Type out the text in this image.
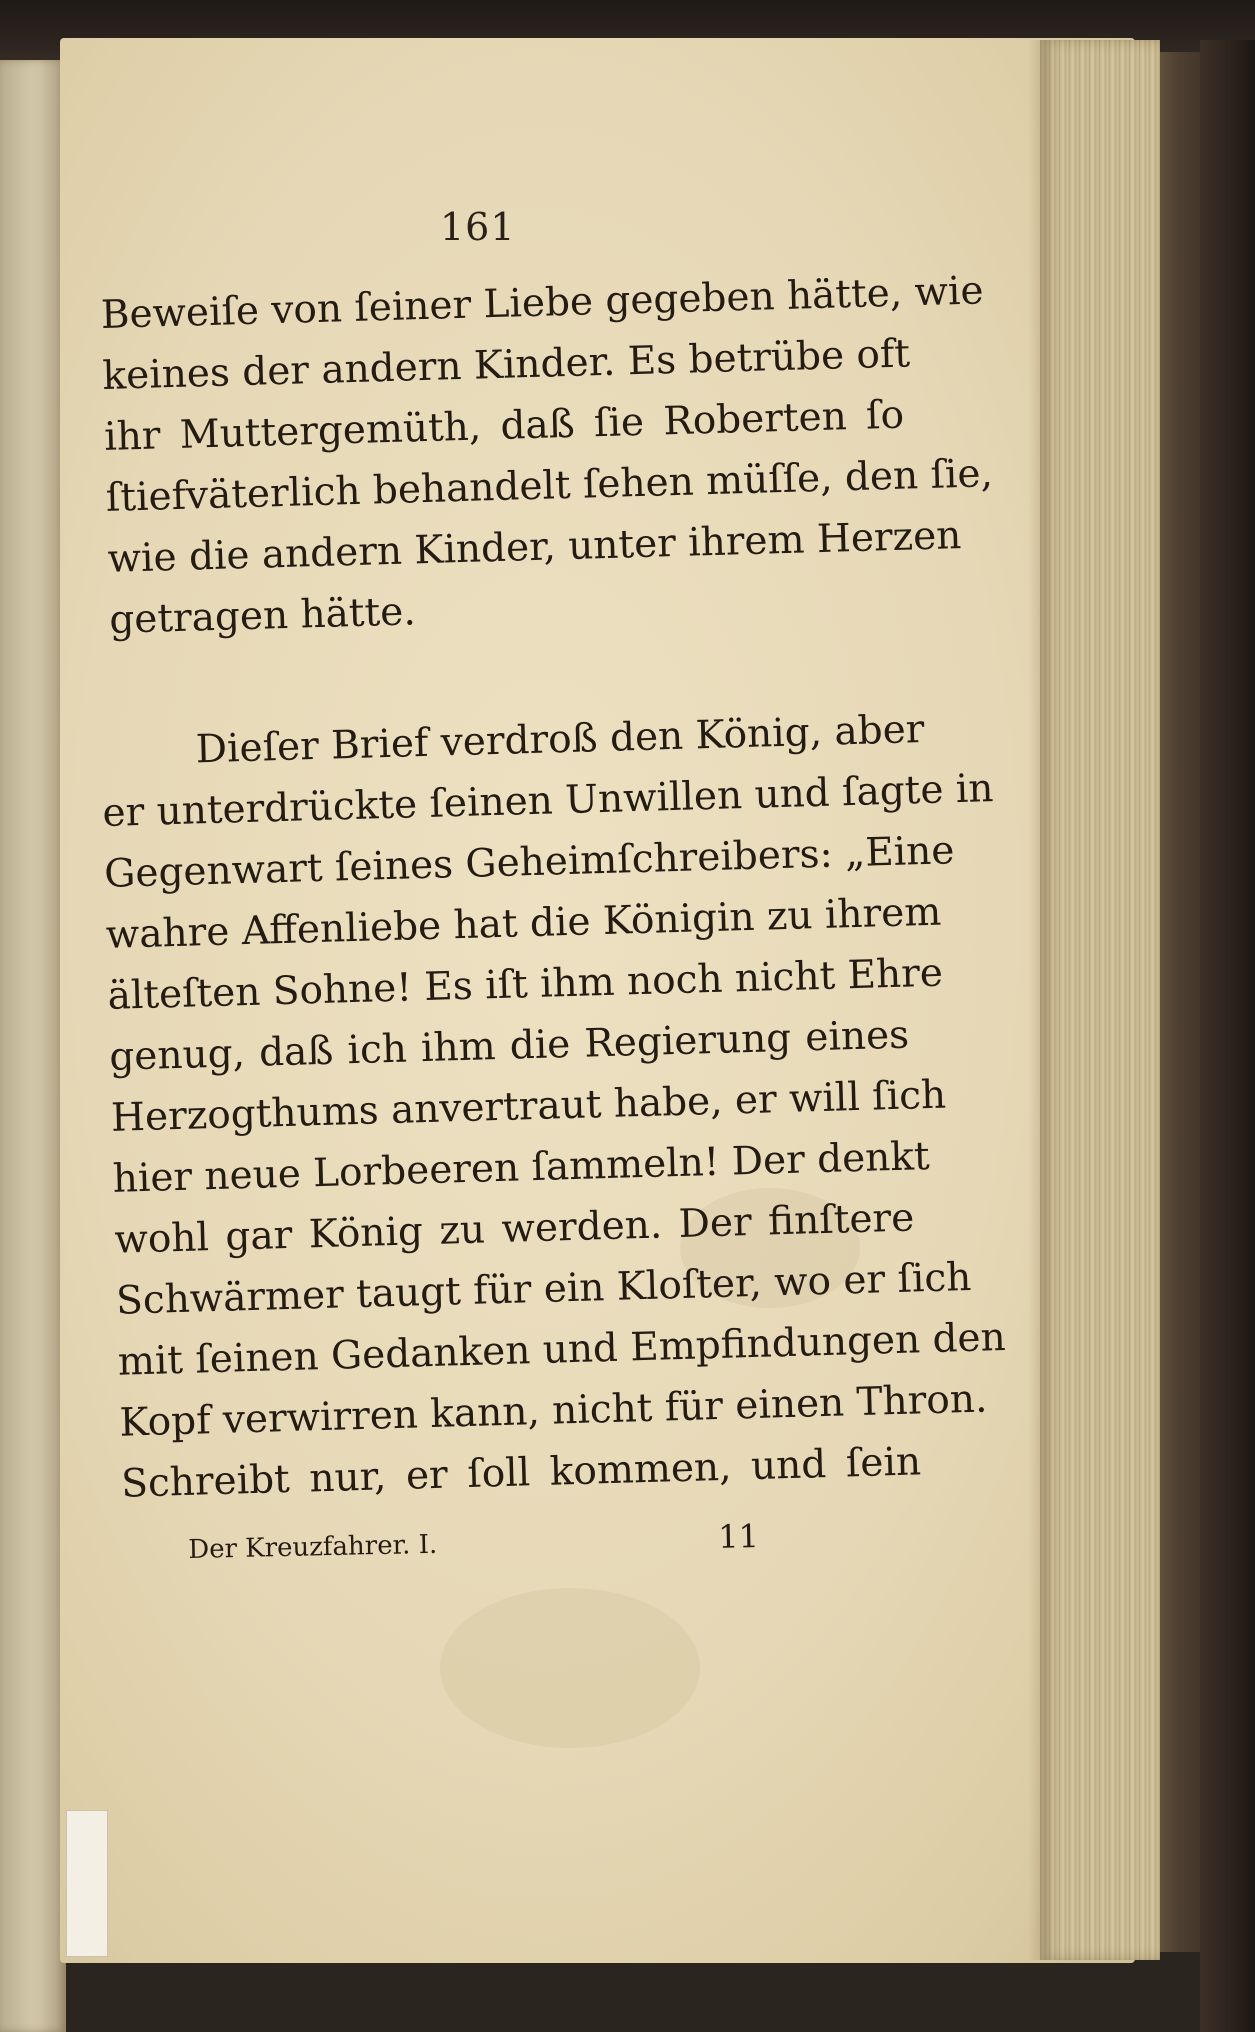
161
Beweiſe von ſeiner Liebe gegeben hätte, wie
keines der andern Kinder. Es betrübe oft
ihr Muttergemüth, daß ſie Roberten ſo
ſtiefväterlich behandelt ſehen müſſe, den ſie,
wie die andern Kinder, unter ihrem Herzen
getragen hätte.
Dieſer Brief verdroß den König, aber
er unterdrückte ſeinen Unwillen und ſagte in
Gegenwart ſeines Geheimſchreibers: „Eine
wahre Affenliebe hat die Königin zu ihrem
älteſten Sohne! Es iſt ihm noch nicht Ehre
genug, daß ich ihm die Regierung eines
Herzogthums anvertraut habe, er will ſich
hier neue Lorbeeren ſammeln! Der denkt
wohl gar König zu werden. Der finſtere
Schwärmer taugt für ein Kloſter, wo er ſich
mit ſeinen Gedanken und Empfindungen den
Kopf verwirren kann, nicht für einen Thron.
Schreibt nur, er ſoll kommen, und ſein
Der Kreuzfahrer. I.	11
